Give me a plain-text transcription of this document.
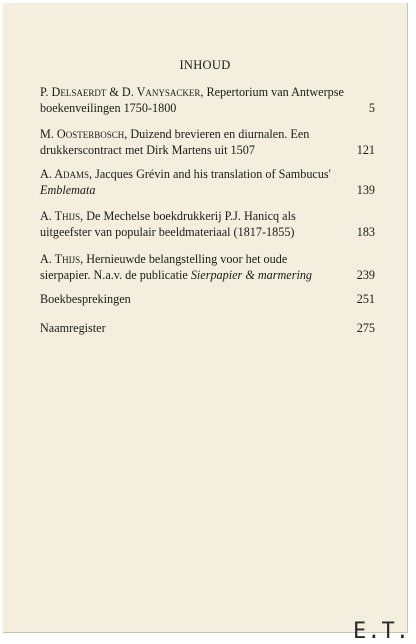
INHOUD
P. Delsaerdt & D. Vanysacker, Repertorium van Antwerpse
boekenveilingen 1750-1800	5
M. Oosterbosch, Duizend brevieren en diurnalen. Een
drukkerscontract met Dirk Martens uit 1507	121
A. Adams, Jacques Grévin and his translation of Sambucus'
Emblemata	139
A. Thijs, De Mechelse boekdrukkerij P.J. Hanicq als
uitgeefster van populair beeldmateriaal (1817-1855)	183
A. Thijs, Hernieuwde belangstelling voor het oude
sierpapier. N.a.v. de publicatie Sierpapier & marmering	239
Boekbesprekingen	251
Naamregister	275
E.T.
